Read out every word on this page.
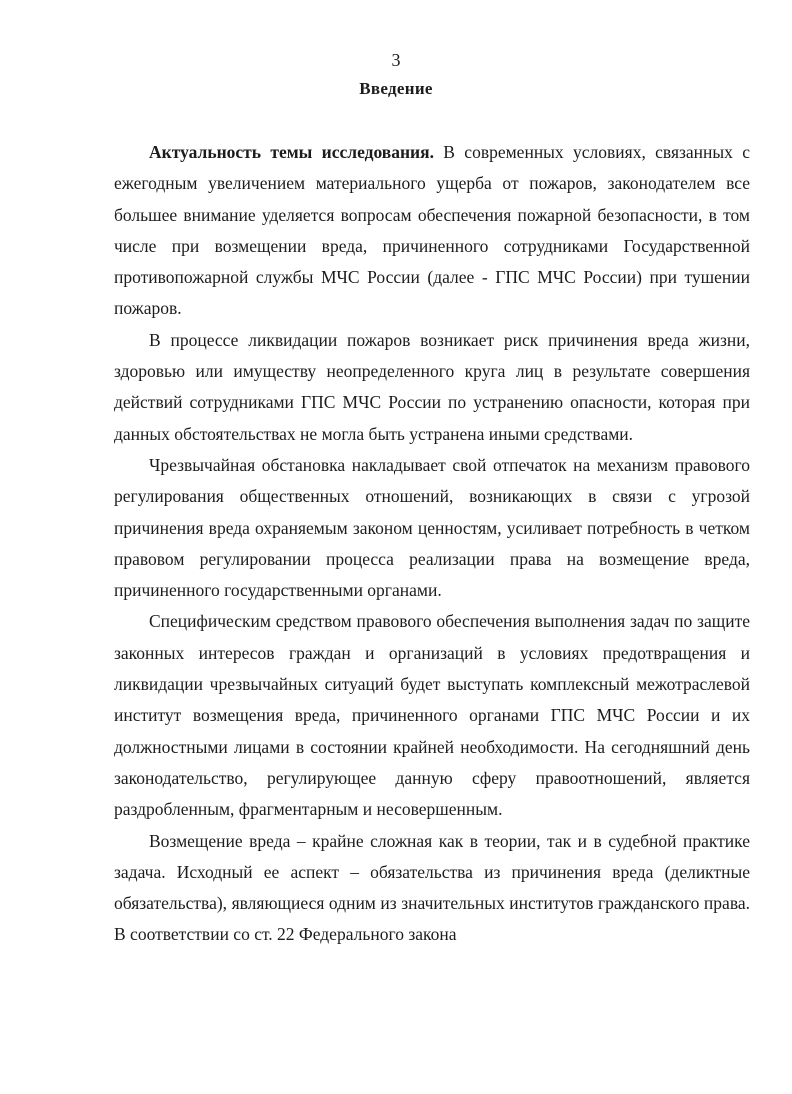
3
Введение

Актуальность темы исследования. В современных условиях, связанных с ежегодным увеличением материального ущерба от пожаров, законодателем все большее внимание уделяется вопросам обеспечения пожарной безопасности, в том числе при возмещении вреда, причиненного сотрудниками Государственной противопожарной службы МЧС России (далее - ГПС МЧС России) при тушении пожаров.

В процессе ликвидации пожаров возникает риск причинения вреда жизни, здоровью или имуществу неопределенного круга лиц в результате совершения действий сотрудниками ГПС МЧС России по устранению опасности, которая при данных обстоятельствах не могла быть устранена иными средствами.

Чрезвычайная обстановка накладывает свой отпечаток на механизм правового регулирования общественных отношений, возникающих в связи с угрозой причинения вреда охраняемым законом ценностям, усиливает потребность в четком правовом регулировании процесса реализации права на возмещение вреда, причиненного государственными органами.

Специфическим средством правового обеспечения выполнения задач по защите законных интересов граждан и организаций в условиях предотвращения и ликвидации чрезвычайных ситуаций будет выступать комплексный межотраслевой институт возмещения вреда, причиненного органами ГПС МЧС России и их должностными лицами в состоянии крайней необходимости. На сегодняшний день законодательство, регулирующее данную сферу правоотношений, является раздробленным, фрагментарным и несовершенным.

Возмещение вреда – крайне сложная как в теории, так и в судебной практике задача. Исходный ее аспект – обязательства из причинения вреда (деликтные обязательства), являющиеся одним из значительных институтов гражданского права. В соответствии со ст. 22 Федерального закона
